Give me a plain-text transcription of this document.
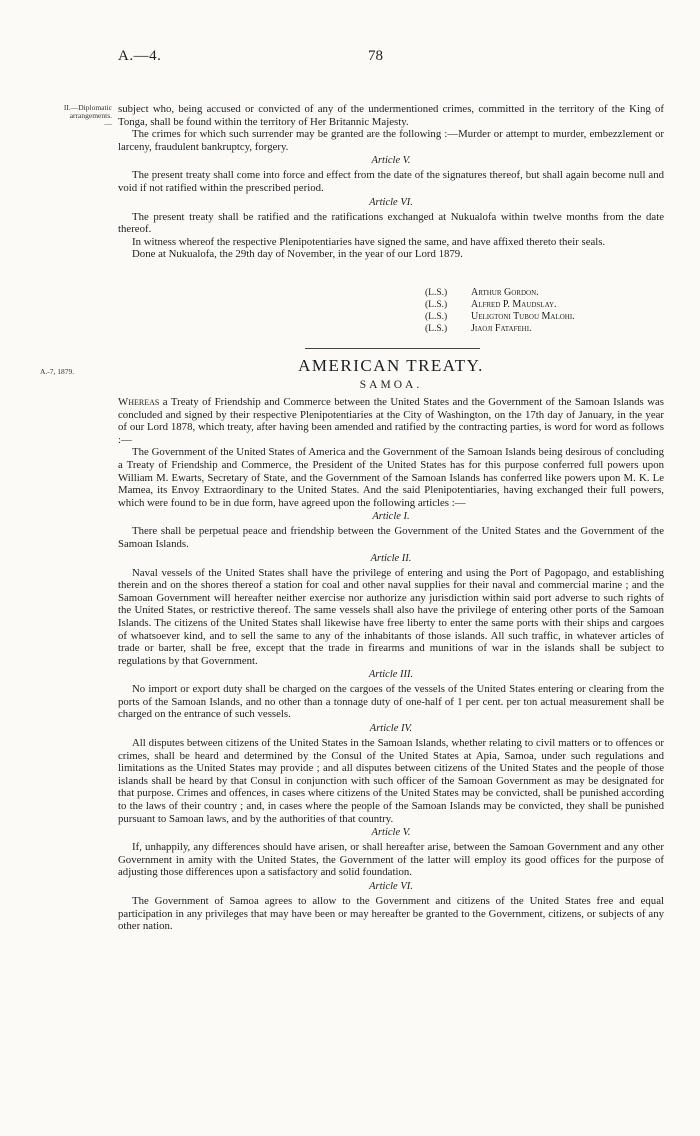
A.—4.	78
II.—Diplomatic arrangements.
—
A.-7, 1879.

subject who, being accused or convicted of any of the undermentioned crimes, committed in the territory of the King of Tonga, shall be found within the territory of Her Britannic Majesty.

The crimes for which such surrender may be granted are the following :—Murder or attempt to murder, embezzlement or larceny, fraudulent bankruptcy, forgery.

Article V.

The present treaty shall come into force and effect from the date of the signatures thereof, but shall again become null and void if not ratified within the prescribed period.

Article VI.

The present treaty shall be ratified and the ratifications exchanged at Nukualofa within twelve months from the date thereof.

In witness whereof the respective Plenipotentiaries have signed the same, and have affixed thereto their seals.

Done at Nukualofa, the 29th day of November, in the year of our Lord 1879.

(L.S.)	Arthur Gordon.
(L.S.)	Alfred P. Maudslay.
(L.S.)	Ueligtoni Tubou Malohi.
(L.S.)	Jiaoji Fatafehi.
AMERICAN TREATY.
SAMOA.

Whereas a Treaty of Friendship and Commerce between the United States and the Government of the Samoan Islands was concluded and signed by their respective Plenipotentiaries at the City of Washington, on the 17th day of January, in the year of our Lord 1878, which treaty, after having been amended and ratified by the contracting parties, is word for word as follows :—

The Government of the United States of America and the Government of the Samoan Islands being desirous of concluding a Treaty of Friendship and Commerce, the President of the United States has for this purpose conferred full powers upon William M. Ewarts, Secretary of State, and the Government of the Samoan Islands has conferred like powers upon M. K. Le Mamea, its Envoy Extraordinary to the United States. And the said Plenipotentiaries, having exchanged their full powers, which were found to be in due form, have agreed upon the following articles :—

Article I.

There shall be perpetual peace and friendship between the Government of the United States and the Government of the Samoan Islands.

Article II.

Naval vessels of the United States shall have the privilege of entering and using the Port of Pagopago, and establishing therein and on the shores thereof a station for coal and other naval supplies for their naval and commercial marine ; and the Samoan Government will hereafter neither exercise nor authorize any jurisdiction within said port adverse to such rights of the United States, or restrictive thereof. The same vessels shall also have the privilege of entering other ports of the Samoan Islands. The citizens of the United States shall likewise have free liberty to enter the same ports with their ships and cargoes of whatsoever kind, and to sell the same to any of the inhabitants of those islands. All such traffic, in whatever articles of trade or barter, shall be free, except that the trade in firearms and munitions of war in the islands shall be subject to regulations by that Government.

Article III.

No import or export duty shall be charged on the cargoes of the vessels of the United States entering or clearing from the ports of the Samoan Islands, and no other than a tonnage duty of one-half of 1 per cent. per ton actual measurement shall be charged on the entrance of such vessels.

Article IV.

All disputes between citizens of the United States in the Samoan Islands, whether relating to civil matters or to offences or crimes, shall be heard and determined by the Consul of the United States at Apia, Samoa, under such regulations and limitations as the United States may provide ; and all disputes between citizens of the United States and the people of those islands shall be heard by that Consul in conjunction with such officer of the Samoan Government as may be designated for that purpose. Crimes and offences, in cases where citizens of the United States may be convicted, shall be punished according to the laws of their country ; and, in cases where the people of the Samoan Islands may be convicted, they shall be punished pursuant to Samoan laws, and by the authorities of that country.

Article V.

If, unhappily, any differences should have arisen, or shall hereafter arise, between the Samoan Government and any other Government in amity with the United States, the Government of the latter will employ its good offices for the purpose of adjusting those differences upon a satisfactory and solid foundation.

Article VI.

The Government of Samoa agrees to allow to the Government and citizens of the United States free and equal participation in any privileges that may have been or may hereafter be granted to the Government, citizens, or subjects of any other nation.
